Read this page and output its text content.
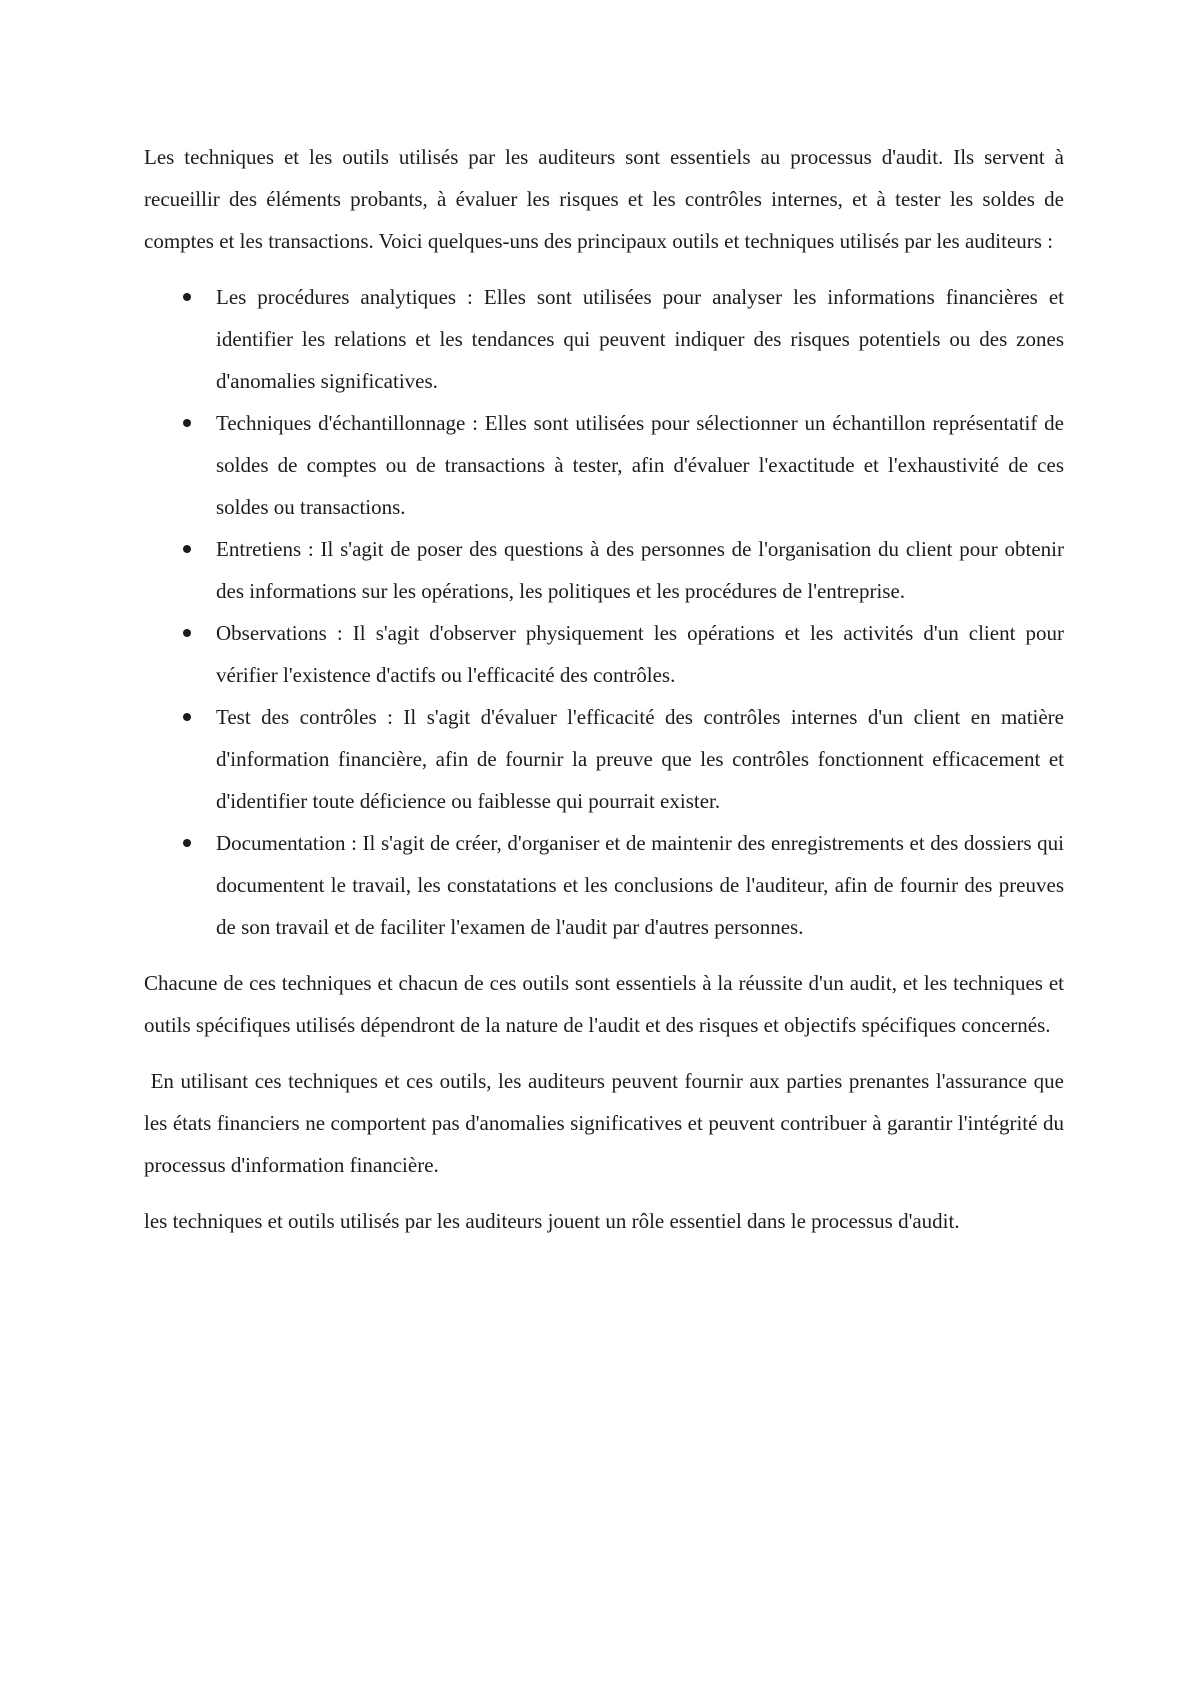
Les techniques et les outils utilisés par les auditeurs sont essentiels au processus d'audit. Ils servent à recueillir des éléments probants, à évaluer les risques et les contrôles internes, et à tester les soldes de comptes et les transactions. Voici quelques-uns des principaux outils et techniques utilisés par les auditeurs :

Les procédures analytiques : Elles sont utilisées pour analyser les informations financières et identifier les relations et les tendances qui peuvent indiquer des risques potentiels ou des zones d'anomalies significatives.
Techniques d'échantillonnage : Elles sont utilisées pour sélectionner un échantillon représentatif de soldes de comptes ou de transactions à tester, afin d'évaluer l'exactitude et l'exhaustivité de ces soldes ou transactions.
Entretiens : Il s'agit de poser des questions à des personnes de l'organisation du client pour obtenir des informations sur les opérations, les politiques et les procédures de l'entreprise.
Observations : Il s'agit d'observer physiquement les opérations et les activités d'un client pour vérifier l'existence d'actifs ou l'efficacité des contrôles.
Test des contrôles : Il s'agit d'évaluer l'efficacité des contrôles internes d'un client en matière d'information financière, afin de fournir la preuve que les contrôles fonctionnent efficacement et d'identifier toute déficience ou faiblesse qui pourrait exister.
Documentation : Il s'agit de créer, d'organiser et de maintenir des enregistrements et des dossiers qui documentent le travail, les constatations et les conclusions de l'auditeur, afin de fournir des preuves de son travail et de faciliter l'examen de l'audit par d'autres personnes.

Chacune de ces techniques et chacun de ces outils sont essentiels à la réussite d'un audit, et les techniques et outils spécifiques utilisés dépendront de la nature de l'audit et des risques et objectifs spécifiques concernés.

En utilisant ces techniques et ces outils, les auditeurs peuvent fournir aux parties prenantes l'assurance que les états financiers ne comportent pas d'anomalies significatives et peuvent contribuer à garantir l'intégrité du processus d'information financière.

les techniques et outils utilisés par les auditeurs jouent un rôle essentiel dans le processus d'audit.
